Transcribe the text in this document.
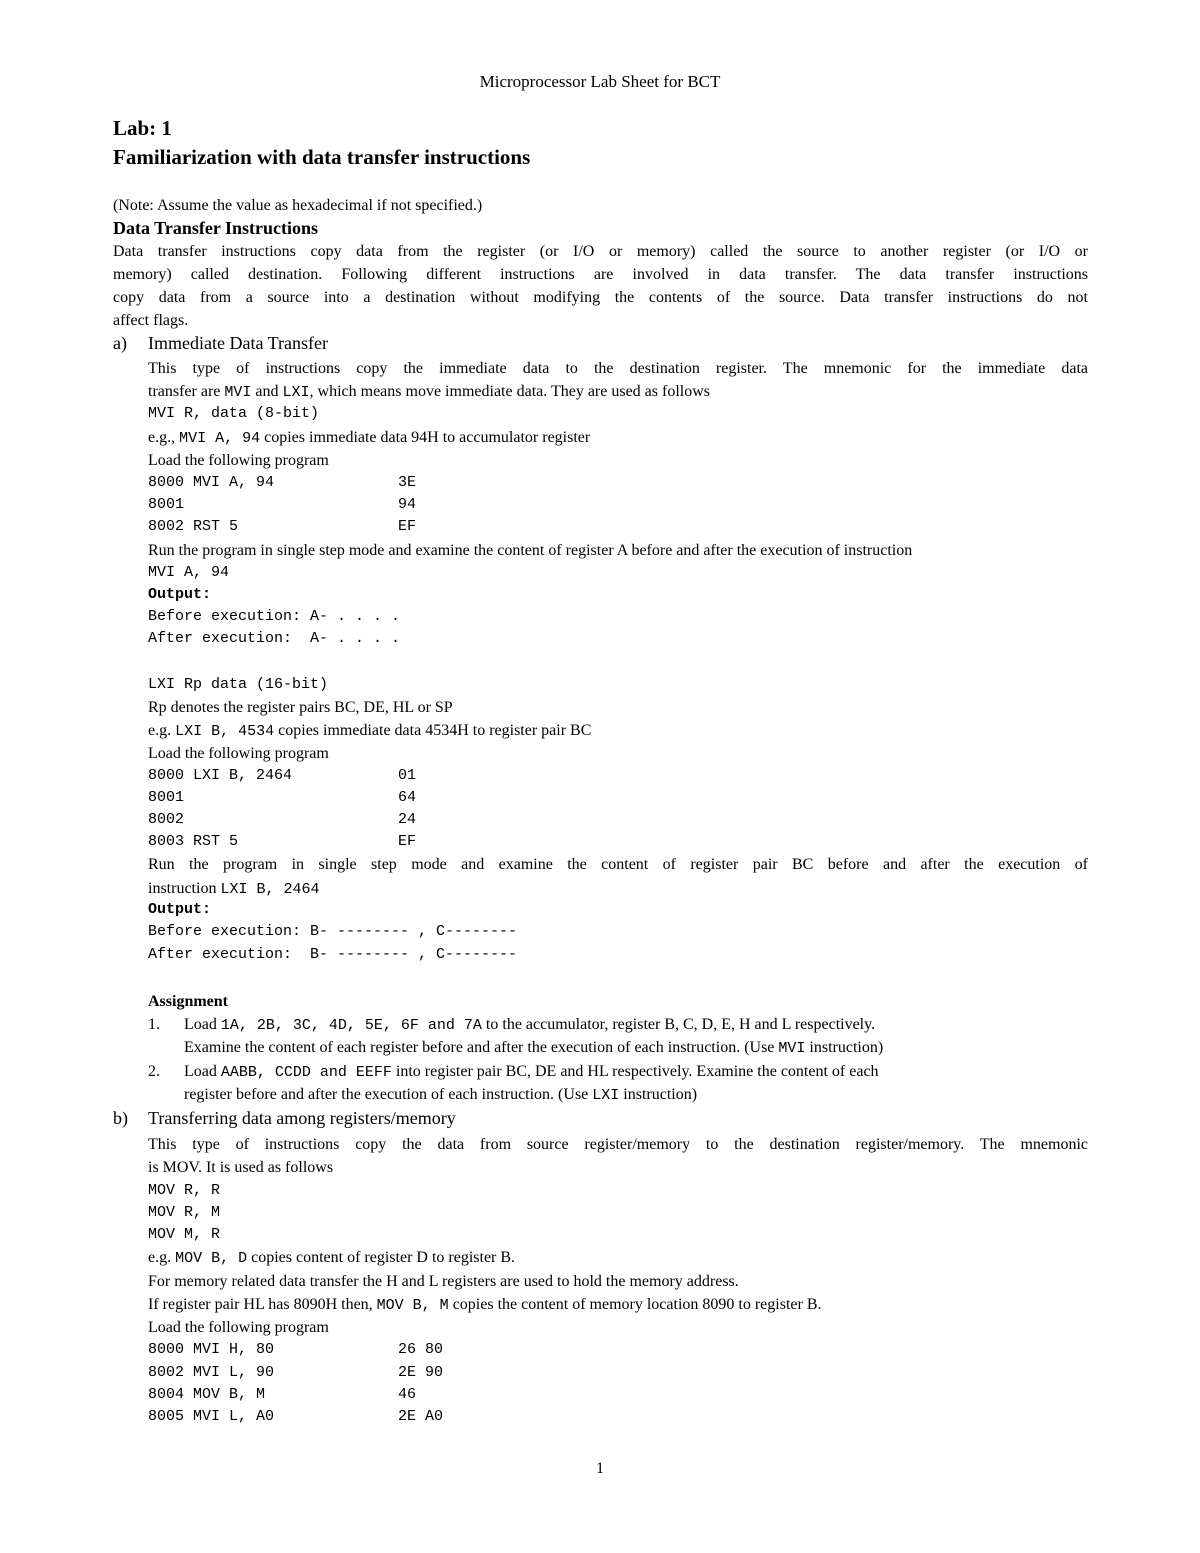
Microprocessor Lab Sheet for BCT
Lab: 1
Familiarization with data transfer instructions
(Note: Assume the value as hexadecimal if not specified.)
Data Transfer Instructions
Data transfer instructions copy data from the register (or I/O or memory) called the source to another register (or I/O or
memory) called destination. Following different instructions are involved in data transfer. The data transfer instructions
copy data from a source into a destination without modifying the contents of the source. Data transfer instructions do not
affect flags.
a) Immediate Data Transfer
This type of instructions copy the immediate data to the destination register. The mnemonic for the immediate data
transfer are MVI and LXI, which means move immediate data. They are used as follows
MVI R, data (8-bit)
e.g., MVI A, 94 copies immediate data 94H to accumulator register
Load the following program
8000 MVI A, 94	3E
8001	94
8002 RST 5	EF
Run the program in single step mode and examine the content of register A before and after the execution of instruction
MVI A, 94
Output:
Before execution: A- . . . .
After execution:  A- . . . .
LXI Rp data (16-bit)
Rp denotes the register pairs BC, DE, HL or SP
e.g. LXI B, 4534 copies immediate data 4534H to register pair BC
Load the following program
8000 LXI B, 2464	01
8001	64
8002	24
8003 RST 5	EF
Run the program in single step mode and examine the content of register pair BC before and after the execution of
instruction LXI B, 2464
Output:
Before execution: B- -------- , C--------
After execution:  B- -------- , C--------
Assignment
1. Load 1A, 2B, 3C, 4D, 5E, 6F and 7A to the accumulator, register B, C, D, E, H and L respectively.
Examine the content of each register before and after the execution of each instruction. (Use MVI instruction)
2. Load AABB, CCDD and EEFF into register pair BC, DE and HL respectively. Examine the content of each
register before and after the execution of each instruction. (Use LXI instruction)
b) Transferring data among registers/memory
This type of instructions copy the data from source register/memory to the destination register/memory. The mnemonic
is MOV. It is used as follows
MOV R, R
MOV R, M
MOV M, R
e.g. MOV B, D copies content of register D to register B.
For memory related data transfer the H and L registers are used to hold the memory address.
If register pair HL has 8090H then, MOV B, M copies the content of memory location 8090 to register B.
Load the following program
8000 MVI H, 80	26 80
8002 MVI L, 90	2E 90
8004 MOV B, M	46
8005 MVI L, A0	2E A0
1
